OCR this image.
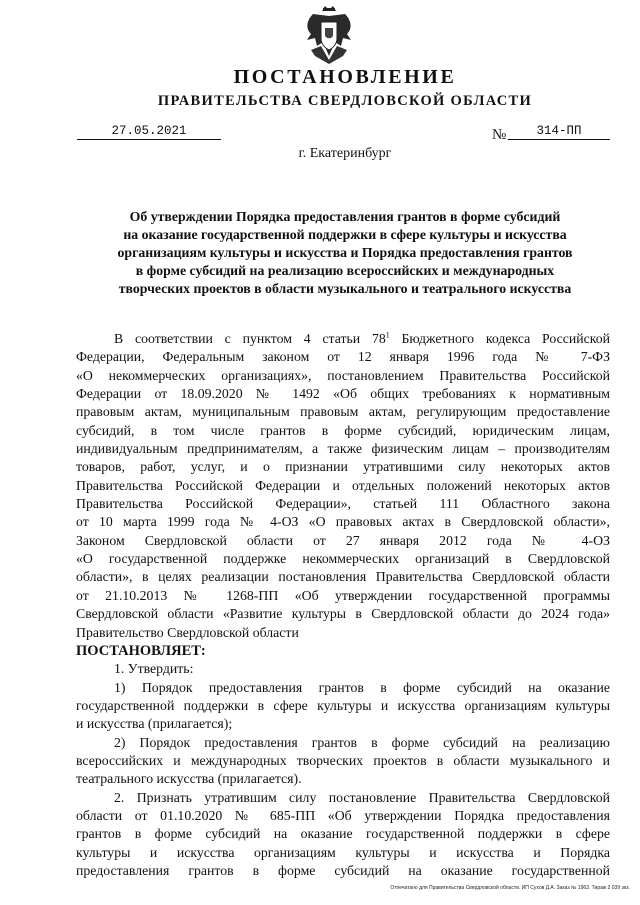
ПОСТАНОВЛЕНИЕ
ПРАВИТЕЛЬСТВА СВЕРДЛОВСКОЙ ОБЛАСТИ
27.05.2021	№	314-ПП
г. Екатеринбург
Об утверждении Порядка предоставления грантов в форме субсидий
на оказание государственной поддержки в сфере культуры и искусства
организациям культуры и искусства и Порядка предоставления грантов
в форме субсидий на реализацию всероссийских и международных
творческих проектов в области музыкального и театрального искусства

В соответствии с пунктом 4 статьи $78^1$ Бюджетного кодекса Российской

Федерации, Федеральным законом от 12 января 1996 года № 7-ФЗ

«О некоммерческих организациях», постановлением Правительства Российской

Федерации от 18.09.2020 № 1492 «Об общих требованиях к нормативным

правовым актам, муниципальным правовым актам, регулирующим предоставление

субсидий, в том числе грантов в форме субсидий, юридическим лицам,

индивидуальным предпринимателям, а также физическим лицам – производителям

товаров, работ, услуг, и о признании утратившими силу некоторых актов

Правительства Российской Федерации и отдельных положений некоторых актов

Правительства Российской Федерации», статьей 111 Областного закона

от 10 марта 1999 года № 4-ОЗ «О правовых актах в Свердловской области»,

Законом Свердловской области от 27 января 2012 года № 4-ОЗ

«О государственной поддержке некоммерческих организаций в Свердловской

области», в целях реализации постановления Правительства Свердловской области

от 21.10.2013 № 1268-ПП «Об утверждении государственной программы

Свердловской области «Развитие культуры в Свердловской области до 2024 года»

Правительство Свердловской области

ПОСТАНОВЛЯЕТ:

1. Утвердить:

1) Порядок предоставления грантов в форме субсидий на оказание

государственной поддержки в сфере культуры и искусства организациям культуры

и искусства (прилагается);

2) Порядок предоставления грантов в форме субсидий на реализацию

всероссийских и международных творческих проектов в области музыкального и

театрального искусства (прилагается).

2. Признать утратившим силу постановление Правительства Свердловской

области от 01.10.2020 № 685-ПП «Об утверждении Порядка предоставления

грантов в форме субсидий на оказание государственной поддержки в сфере

культуры и искусства организациям культуры и искусства и Порядка

предоставления грантов в форме субсидий на оказание государственной

Отпечатано для Правительства Свердловской области. ИП Сухов Д.А. Заказ № 1963. Тираж 2 039 экз.
